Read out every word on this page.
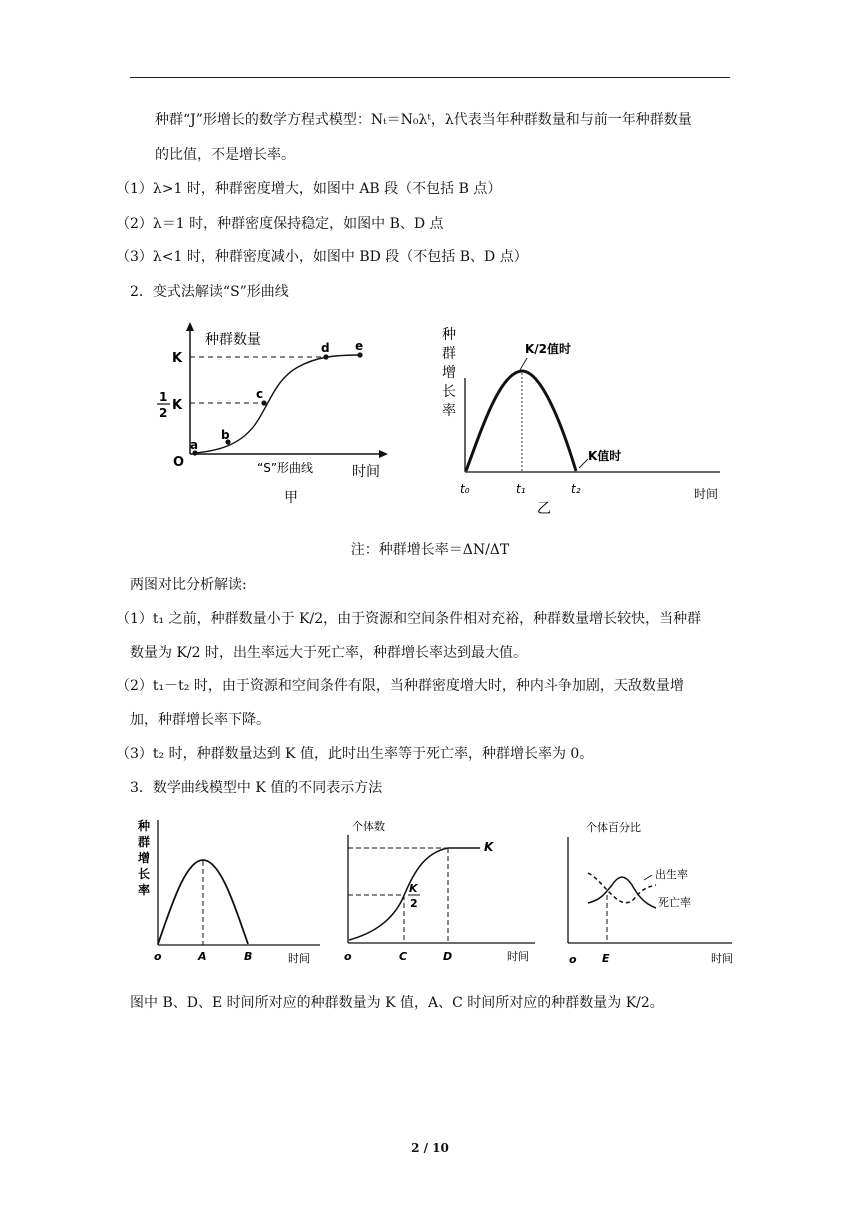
种群“J”形增长的数学方程式模型：Nₜ＝N₀λᵗ，λ代表当年种群数量和与前一年种群数量
的比值，不是增长率。
（1）λ>1 时，种群密度增大，如图中 AB 段（不包括 B 点）
（2）λ＝1 时，种群密度保持稳定，如图中 B、D 点
（3）λ<1 时，种群密度减小，如图中 BD 段（不包括 B、D 点）
2．变式法解读“S”形曲线
种群数量
K
1
2 K
O
a
b
c
d e
“S”形曲线	时间
甲
种
群
增
长
率
K/2值时
K值时
t₀	t₁	t₂	时间
乙
注：种群增长率＝ΔN/ΔT
两图对比分析解读:
（1）t₁ 之前，种群数量小于 K/2，由于资源和空间条件相对充裕，种群数量增长较快，当种群
数量为 K/2 时，出生率远大于死亡率，种群增长率达到最大值。
（2）t₁－t₂ 时，由于资源和空间条件有限，当种群密度增大时，种内斗争加剧，天敌数量增
加，种群增长率下降。
（3）t₂ 时，种群数量达到 K 值，此时出生率等于死亡率，种群增长率为 0。
3．数学曲线模型中 K 值的不同表示方法
种
群
增
长
率
o	A	B	时间
个体数
K
K
2
o	C	D	时间
个体百分比
出生率
死亡率
o E	时间
图中 B、D、E 时间所对应的种群数量为 K 值，A、C 时间所对应的种群数量为 K/2。
2 / 10
